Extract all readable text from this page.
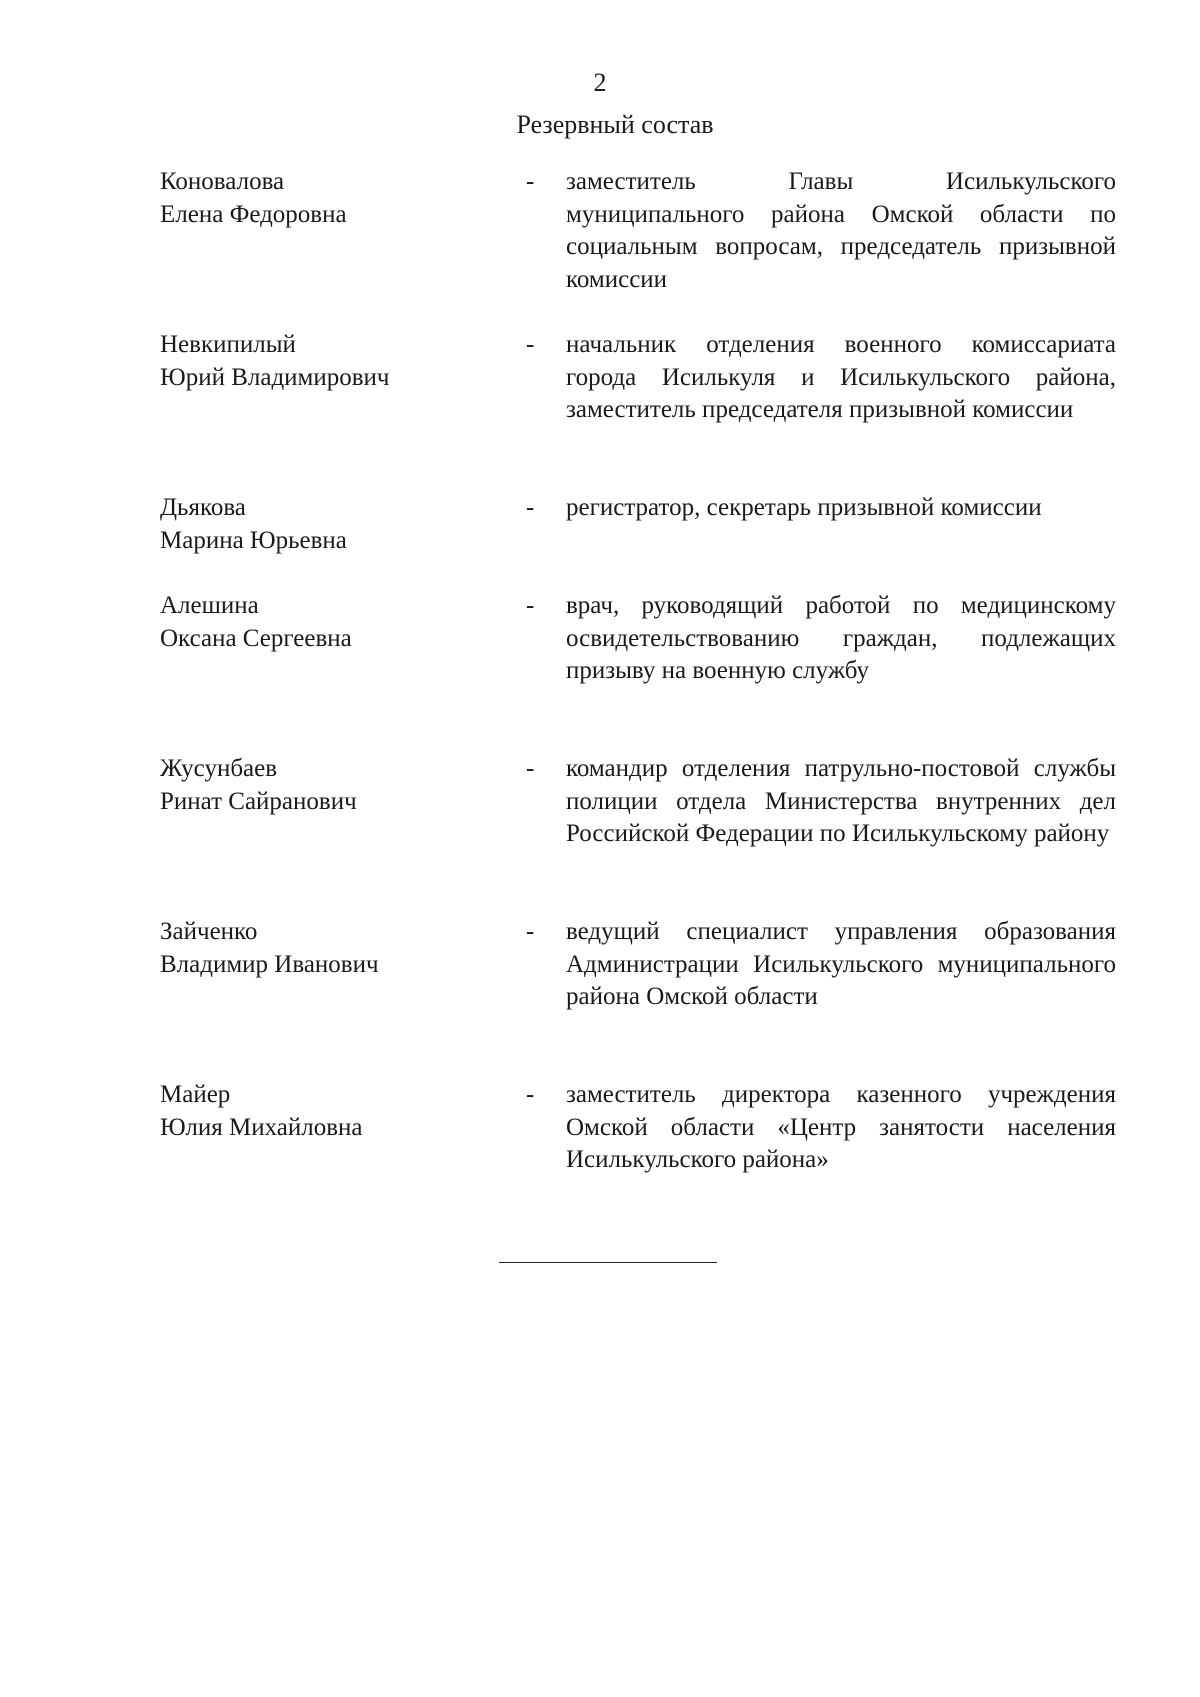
2
Резервный состав
Коновалова
Елена Федоровна
- заместитель Главы Исилькульского муниципального района Омской области по социальным вопросам, председатель призывной комиссии
Невкипилый
Юрий Владимирович
- начальник отделения военного комиссариата города Исилькуля и Исилькульского района, заместитель председателя призывной комиссии
Дьякова
Марина Юрьевна
- регистратор, секретарь призывной комиссии
Алешина
Оксана Сергеевна
- врач, руководящий работой по медицинскому освидетельствованию граждан, подлежащих призыву на военную службу
Жусунбаев
Ринат Сайранович
- командир отделения патрульно-постовой службы полиции отдела Министерства внутренних дел Российской Федерации по Исилькульскому району
Зайченко
Владимир Иванович
- ведущий специалист управления образования Администрации Исилькульского муниципального района Омской области
Майер
Юлия Михайловна
- заместитель директора казенного учреждения Омской области «Центр занятости населения Исилькульского района»
